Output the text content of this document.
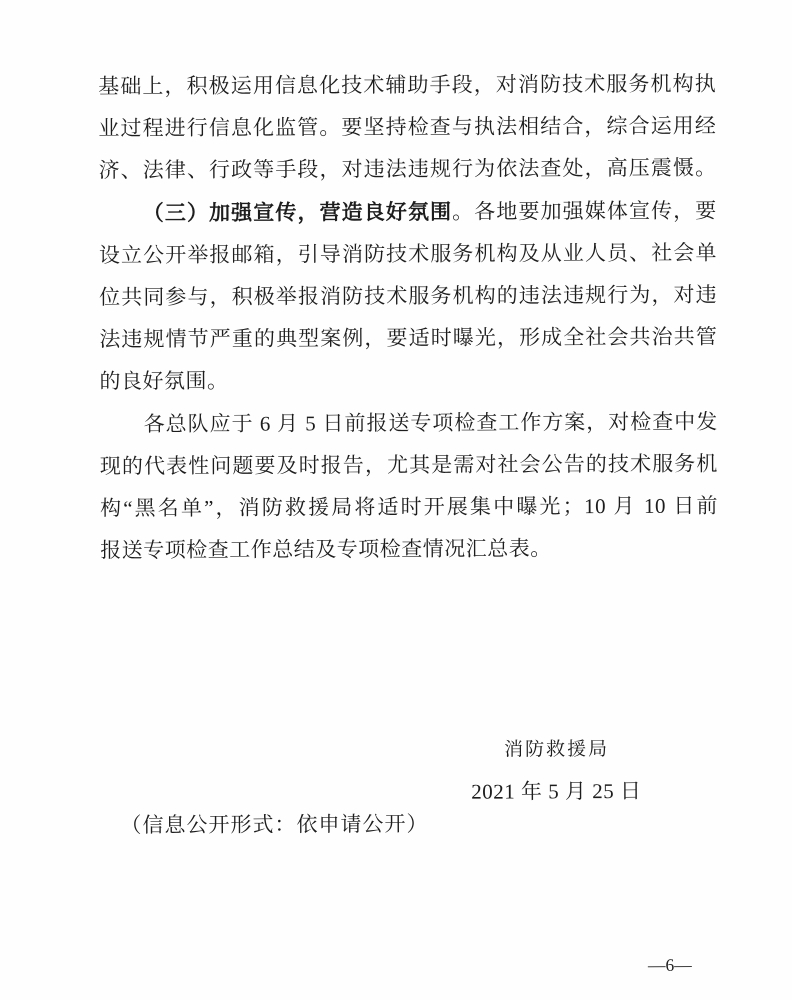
基础上，积极运用信息化技术辅助手段，对消防技术服务机构执
业过程进行信息化监管。要坚持检查与执法相结合，综合运用经
济、法律、行政等手段，对违法违规行为依法查处，高压震慑。
（三）加强宣传，营造良好氛围。各地要加强媒体宣传，要
设立公开举报邮箱，引导消防技术服务机构及从业人员、社会单
位共同参与，积极举报消防技术服务机构的违法违规行为，对违
法违规情节严重的典型案例，要适时曝光，形成全社会共治共管
的良好氛围。
各总队应于 6 月 5 日前报送专项检查工作方案，对检查中发
现的代表性问题要及时报告，尤其是需对社会公告的技术服务机
构“黑名单”，消防救援局将适时开展集中曝光；10 月 10 日前
报送专项检查工作总结及专项检查情况汇总表。
消防救援局
2021 年 5 月 25 日
（信息公开形式：依申请公开）
—6—
